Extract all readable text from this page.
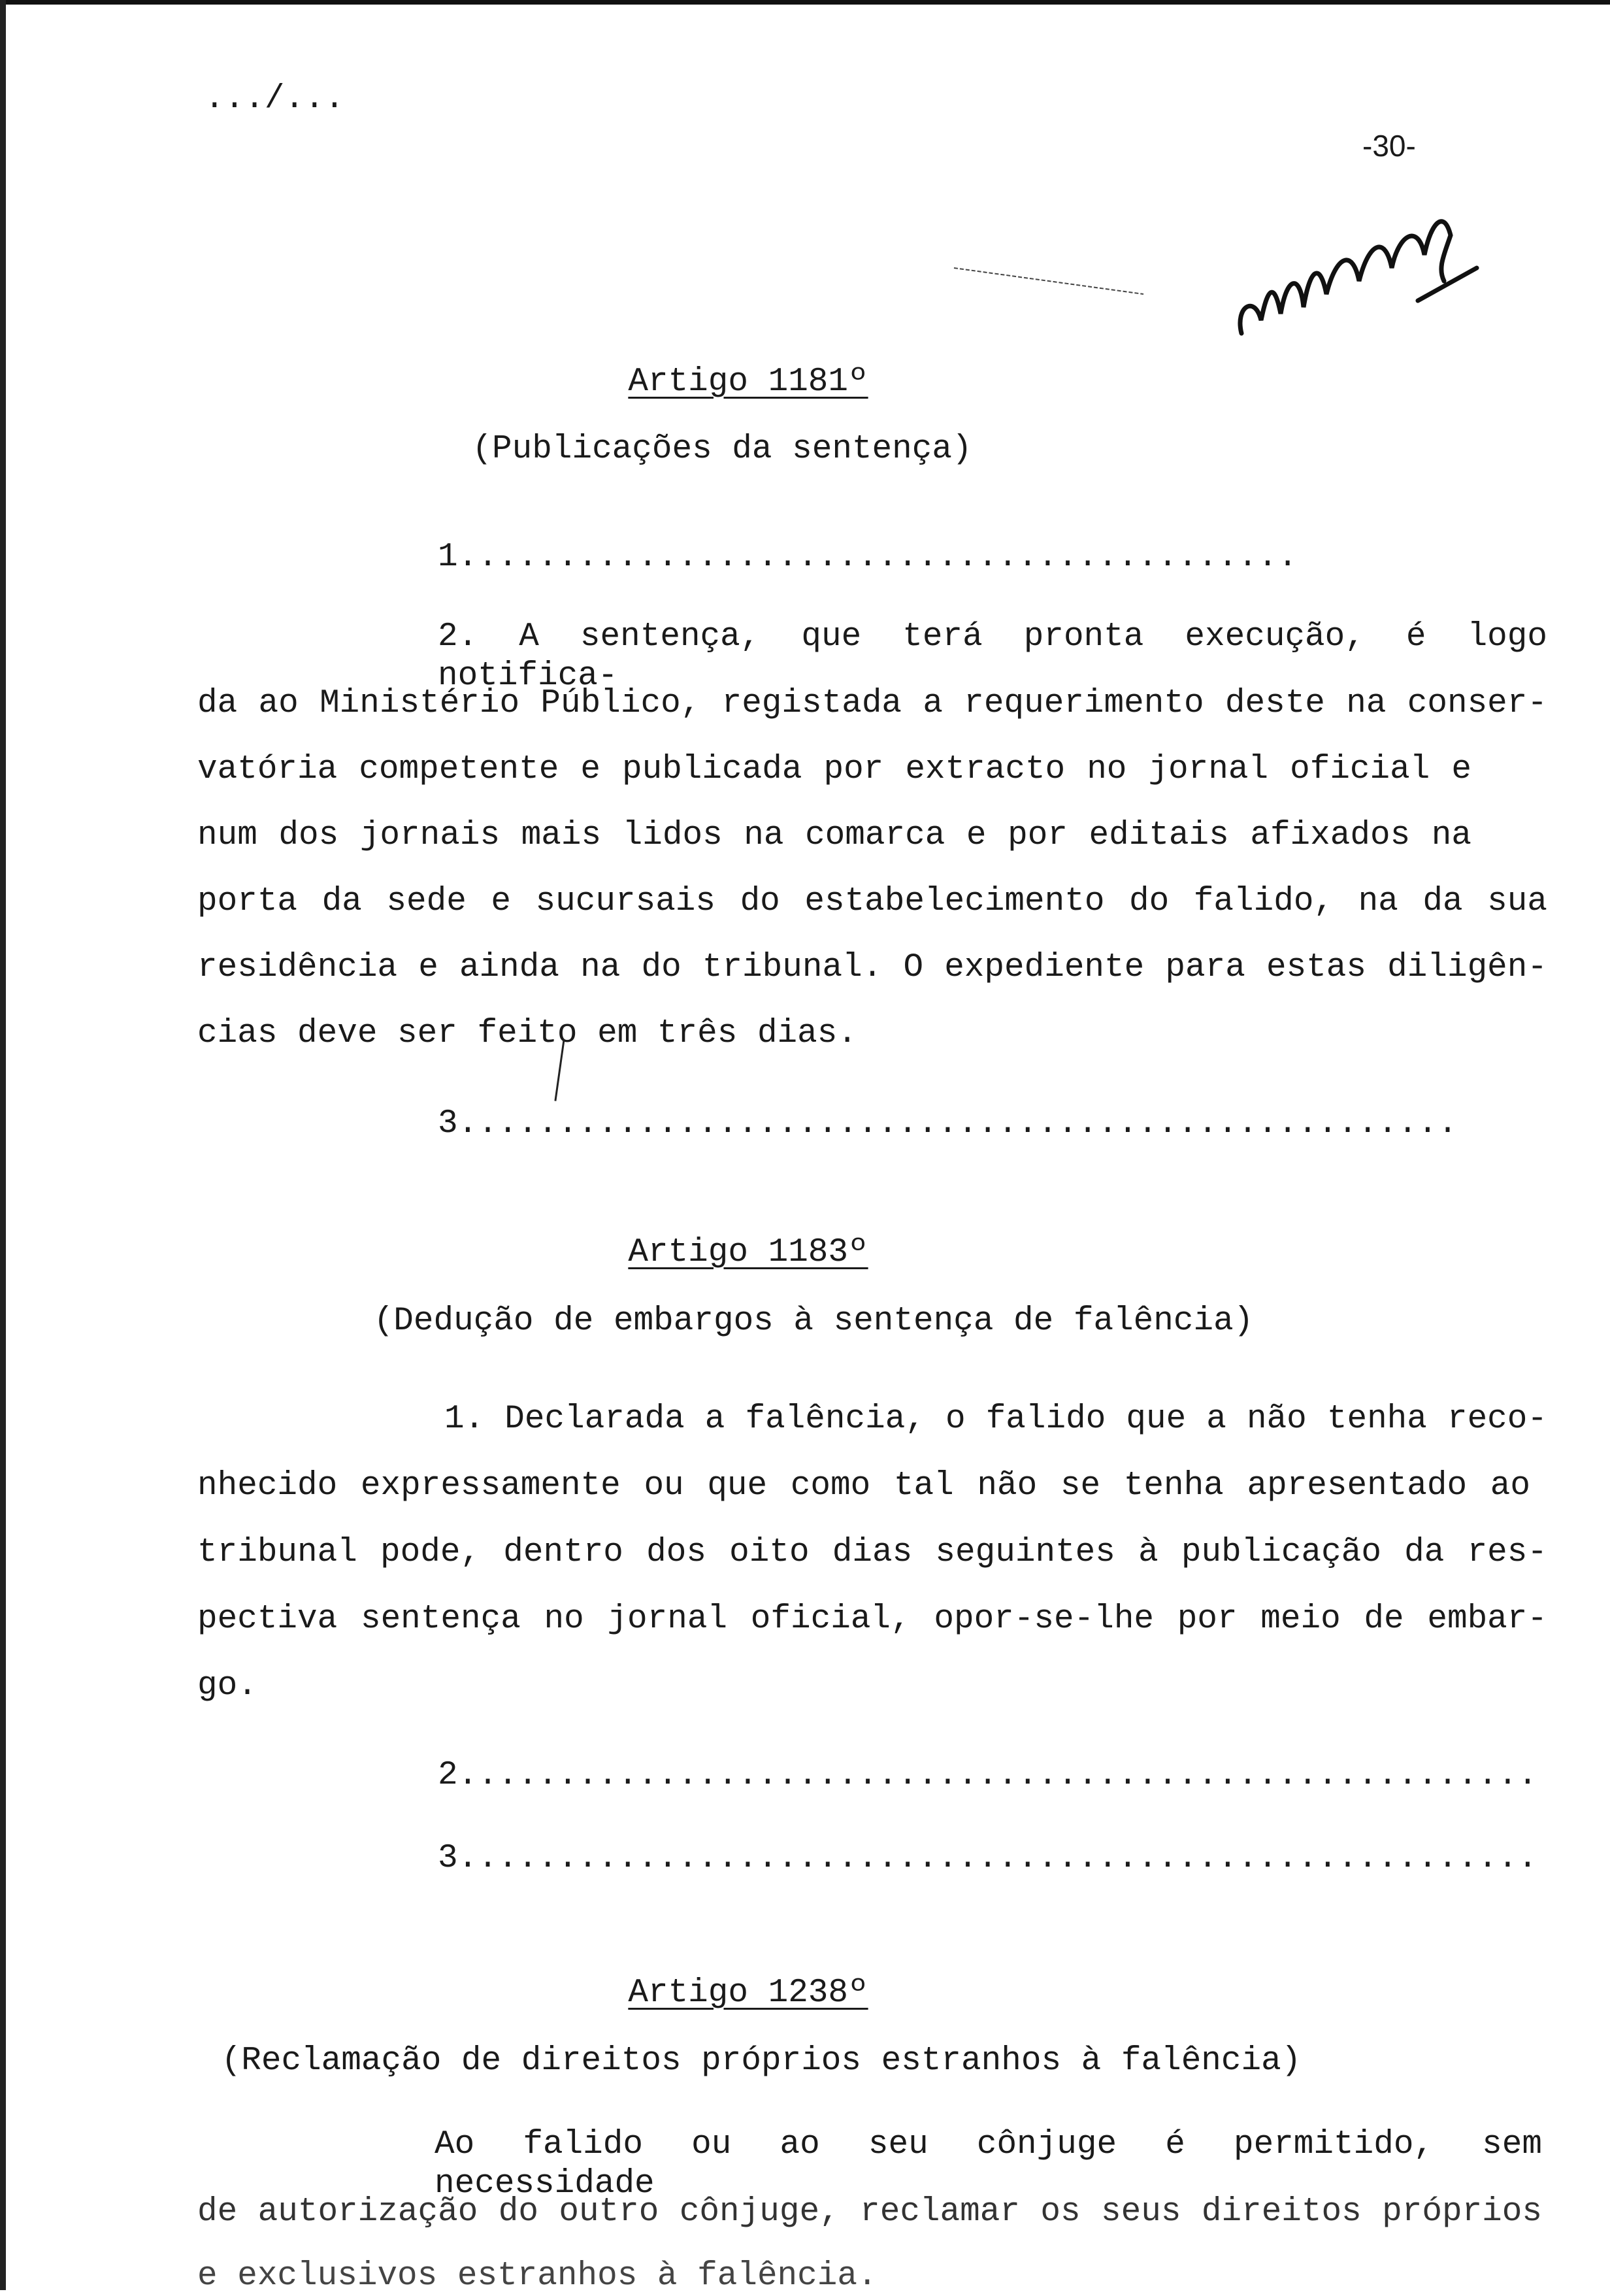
.../...
-30-
Artigo 1181º
(Publicações da sentença)
1..........................................
2. A sentença, que terá pronta execução, é logo notifica-
da ao Ministério Público, registada a requerimento deste na conser-
vatória competente e publicada por extracto no jornal oficial e
num dos jornais mais lidos na comarca e por editais afixados na
porta da sede e sucursais do estabelecimento do falido, na da sua
residência e ainda na do tribunal. O expediente para estas diligên-
cias deve ser feito em três dias.
3..................................................
Artigo 1183º
(Dedução de embargos à sentença de falência)
1. Declarada a falência, o falido que a não tenha reco-
nhecido expressamente ou que como tal não se tenha apresentado ao
tribunal pode, dentro dos oito dias seguintes à publicação da res-
pectiva sentença no jornal oficial, opor-se-lhe por meio de embar-
go.
2......................................................
3......................................................
Artigo 1238º
(Reclamação de direitos próprios estranhos à falência)
Ao falido ou ao seu cônjuge é permitido, sem necessidade
de autorização do outro cônjuge, reclamar os seus direitos próprios
e exclusivos estranhos à falência.
